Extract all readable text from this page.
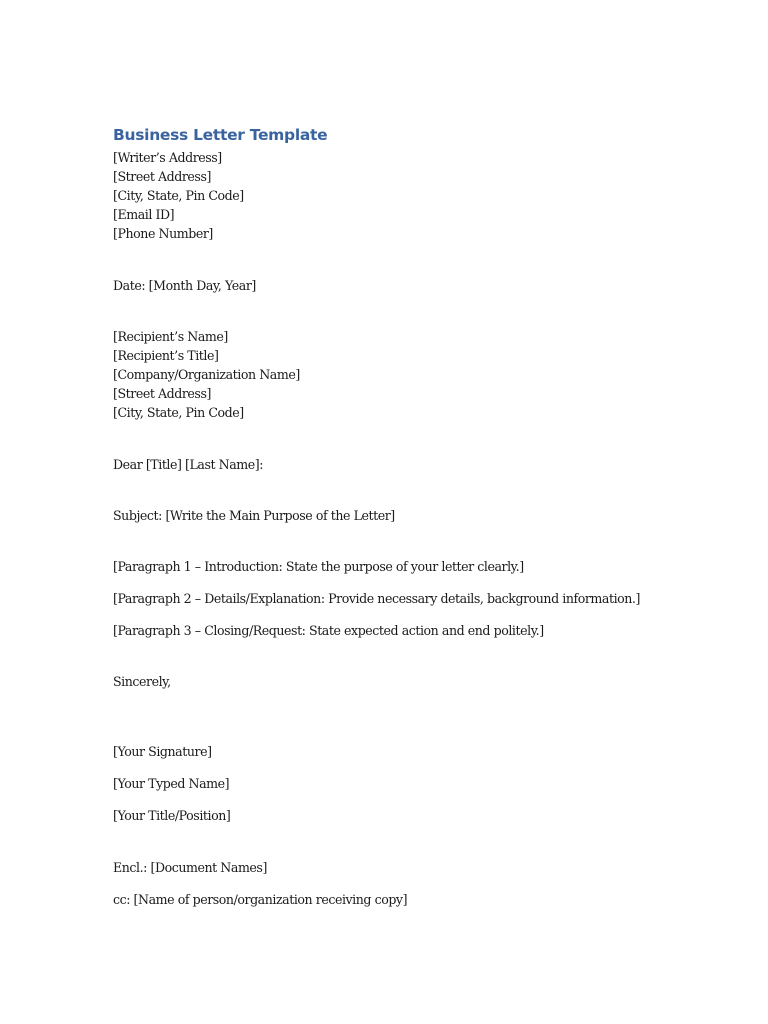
Business Letter Template

[Writer’s Address]

[Street Address]

[City, State, Pin Code]

[Email ID]

[Phone Number]

Date: [Month Day, Year]

[Recipient’s Name]

[Recipient’s Title]

[Company/Organization Name]

[Street Address]

[City, State, Pin Code]

Dear [Title] [Last Name]:

Subject: [Write the Main Purpose of the Letter]

[Paragraph 1 – Introduction: State the purpose of your letter clearly.]

[Paragraph 2 – Details/Explanation: Provide necessary details, background information.]

[Paragraph 3 – Closing/Request: State expected action and end politely.]

Sincerely,

[Your Signature]

[Your Typed Name]

[Your Title/Position]

Encl.: [Document Names]

cc: [Name of person/organization receiving copy]
